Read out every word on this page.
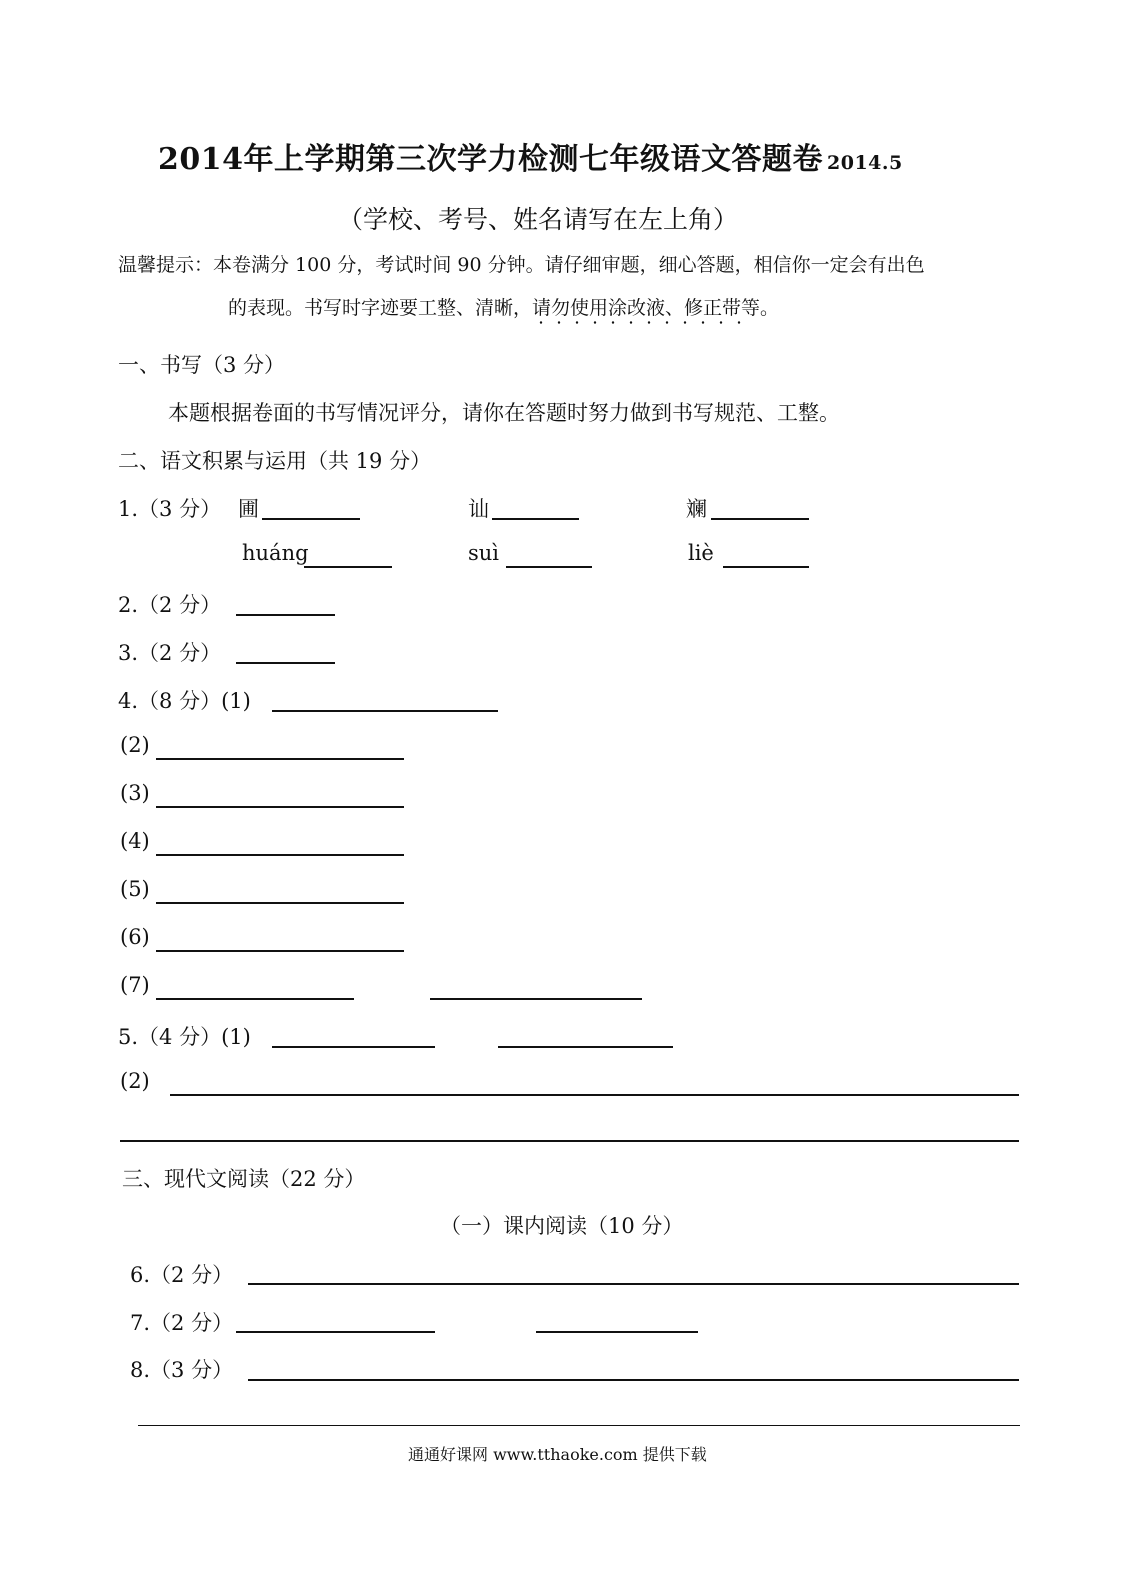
2014年上学期第三次学力检测七年级语文答题卷 2014.5
（学校、考号、姓名请写在左上角）
温馨提示：本卷满分 100 分，考试时间 90 分钟。请仔细审题，细心答题，相信你一定会有出色
的表现。书写时字迹要工整、清晰，请勿使用涂改液、修正带等。
一、书写（3 分）
本题根据卷面的书写情况评分，请你在答题时努力做到书写规范、工整。
二、语文积累与运用（共 19 分）
1.（3 分） 圃	讪	斓
huáng	suì	liè
2.（2 分）
3.（2 分）
4.（8 分）(1)
(2)
(3)
(4)
(5)
(6)
(7)
5.（4 分）(1)
(2)
三、现代文阅读（22 分）
（一）课内阅读（10 分）
6.（2 分）
7.（2 分）
8.（3 分）
通通好课网 www.tthaoke.com 提供下载
